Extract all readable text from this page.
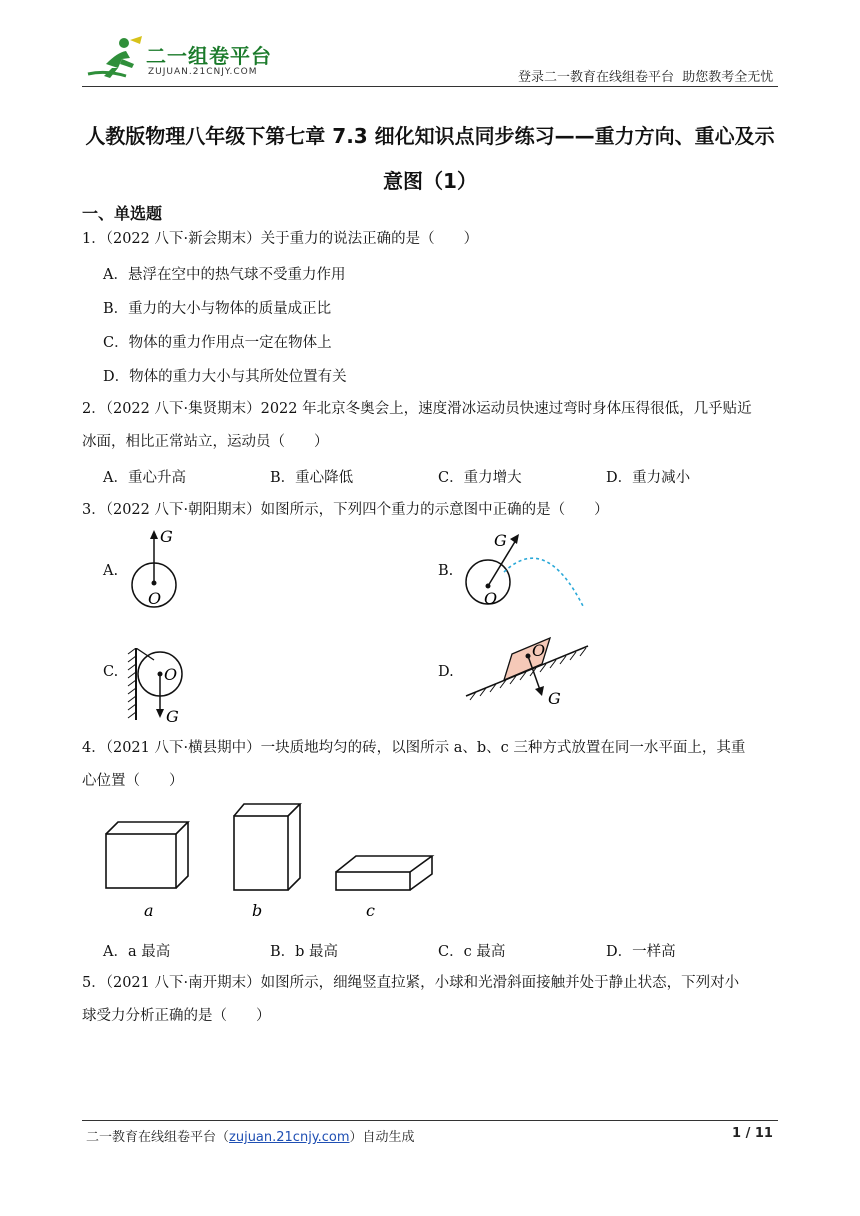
二一组卷平台
ZUJUAN.21CNJY.COM	登录二一教育在线组卷平台  助您教考全无忧
人教版物理八年级下第七章 7.3 细化知识点同步练习——重力方向、重心及示
意图（1）
一、单选题
1．（2022 八下·新会期末）关于重力的说法正确的是（　　）
A．悬浮在空中的热气球不受重力作用
B．重力的大小与物体的质量成正比
C．物体的重力作用点一定在物体上
D．物体的重力大小与其所处位置有关
2．（2022 八下·集贤期末）2022 年北京冬奥会上，速度滑冰运动员快速过弯时身体压得很低，几乎贴近
冰面，相比正常站立，运动员（　　）
A．重心升高	B．重心降低	C．重力增大	D．重力减小
3．（2022 八下·朝阳期末）如图所示，下列四个重力的示意图中正确的是（　　）
A.
G
O
B.
G
O
C.	O
G
D.
O
G
4．（2021 八下·横县期中）一块质地均匀的砖，以图所示 a、b、c 三种方式放置在同一水平面上，其重
心位置（　　）
a	b	c
A．a 最高	B．b 最高	C．c 最高	D．一样高
5．（2021 八下·南开期末）如图所示，细绳竖直拉紧，小球和光滑斜面接触并处于静止状态，下列对小
球受力分析正确的是（　　）
二一教育在线组卷平台（zujuan.21cnjy.com）自动生成	1 / 11
